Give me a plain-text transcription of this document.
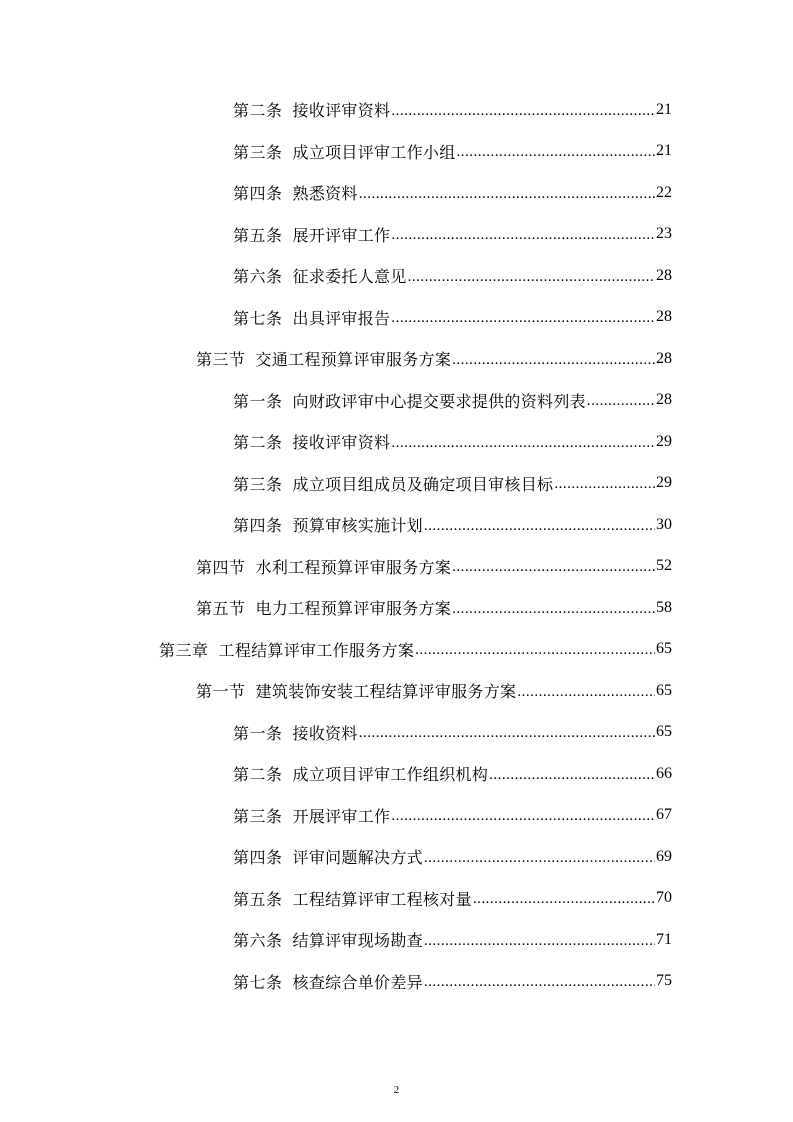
第二条 接收评审资料 .....	21
第三条 成立项目评审工作小组 .....	21
第四条 熟悉资料 .....	22
第五条 展开评审工作 .....	23
第六条 征求委托人意见 .....	28
第七条 出具评审报告 .....	28
第三节 交通工程预算评审服务方案 .....	28
第一条 向财政评审中心提交要求提供的资料列表 .....	28
第二条 接收评审资料 .....	29
第三条 成立项目组成员及确定项目审核目标 .....	29
第四条 预算审核实施计划 .....	30
第四节 水利工程预算评审服务方案 .....	52
第五节 电力工程预算评审服务方案 .....	58
第三章 工程结算评审工作服务方案 .....	65
第一节 建筑装饰安装工程结算评审服务方案 .....	65
第一条 接收资料 .....	65
第二条 成立项目评审工作组织机构 .....	66
第三条 开展评审工作 .....	67
第四条 评审问题解决方式 .....	69
第五条 工程结算评审工程核对量 .....	70
第六条 结算评审现场勘查 .....	71
第七条 核查综合单价差异 .....	75
2
